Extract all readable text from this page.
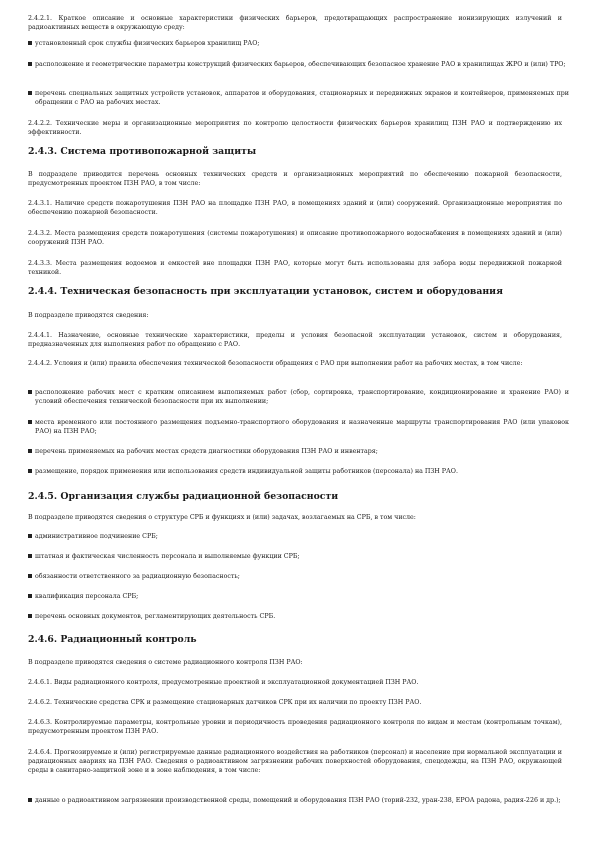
2.4.2.1. Краткое описание и основные характеристики физических барьеров, предотвращающих распространение ионизирующих излучений и радиоактивных веществ в окружающую среду:

установленный срок службы физических барьеров хранилищ РАО;

расположение и геометрические параметры конструкций физических барьеров, обеспечивающих безопасное хранение РАО в хранилищах ЖРО и (или) ТРО;

перечень специальных защитных устройств установок, аппаратов и оборудования, стационарных и передвижных экранов и контейнеров, применяемых при обращении с РАО на рабочих местах.

2.4.2.2. Технические меры и организационные мероприятия по контролю целостности физических барьеров хранилищ ПЗН РАО и подтверждению их эффективности.

2.4.3. Система противопожарной защиты

В подразделе приводится перечень основных технических средств и организационных мероприятий по обеспечению пожарной безопасности, предусмотренных проектом ПЗН РАО, в том числе:

2.4.3.1. Наличие средств пожаротушения ПЗН РАО на площадке ПЗН РАО, в помещениях зданий и (или) сооружений. Организационные мероприятия по обеспечению пожарной безопасности.

2.4.3.2. Места размещения средств пожаротушения (системы пожаротушения) и описание противопожарного водоснабжения в помещениях зданий и (или) сооружений ПЗН РАО.

2.4.3.3. Места размещения водоемов и емкостей вне площадки ПЗН РАО, которые могут быть использованы для забора воды передвижной пожарной техникой.

2.4.4. Техническая безопасность при эксплуатации установок, систем и оборудования

В подразделе приводятся сведения:

2.4.4.1. Назначение, основные технические характеристики, пределы и условия безопасной эксплуатации установок, систем и оборудования, предназначенных для выполнения работ по обращению с РАО.

2.4.4.2. Условия и (или) правила обеспечения технической безопасности обращения с РАО при выполнении работ на рабочих местах, в том числе:

расположение рабочих мест с кратким описанием выполняемых работ (сбор, сортировка, транспортирование, кондиционирование и хранение РАО) и условий обеспечения технической безопасности при их выполнении;

места временного или постоянного размещения подъемно-транспортного оборудования и назначенные маршруты транспортирования РАО (или упаковок РАО) на ПЗН РАО;

перечень применяемых на рабочих местах средств диагностики оборудования ПЗН РАО и инвентаря;

размещение, порядок применения или использования средств индивидуальной защиты работников (персонала) на ПЗН РАО.

2.4.5. Организация службы радиационной безопасности

В подразделе приводятся сведения о структуре СРБ и функциях и (или) задачах, возлагаемых на СРБ, в том числе:

административное подчинение СРБ;

штатная и фактическая численность персонала и выполняемые функции СРБ;

обязанности ответственного за радиационную безопасность;

квалификация персонала СРБ;

перечень основных документов, регламентирующих деятельность СРБ.

2.4.6. Радиационный контроль

В подразделе приводятся сведения о системе радиационного контроля ПЗН РАО:

2.4.6.1. Виды радиационного контроля, предусмотренные проектной и эксплуатационной документацией ПЗН РАО.

2.4.6.2. Технические средства СРК и размещение стационарных датчиков СРК при их наличии по проекту ПЗН РАО.

2.4.6.3. Контролируемые параметры, контрольные уровни и периодичность проведения радиационного контроля по видам и местам (контрольным точкам), предусмотренным проектом ПЗН РАО.

2.4.6.4. Прогнозируемые и (или) регистрируемые данные радиационного воздействия на работников (персонал) и население при нормальной эксплуатации и радиационных авариях на ПЗН РАО. Сведения о радиоактивном загрязнении рабочих поверхностей оборудования, спецодежды, на ПЗН РАО, окружающей среды в санитарно-защитной зоне и в зоне наблюдения, в том числе:

данные о радиоактивном загрязнении производственной среды, помещений и оборудования ПЗН РАО (торий-232, уран-238, ЕРОА радона, радия-226 и др.);
